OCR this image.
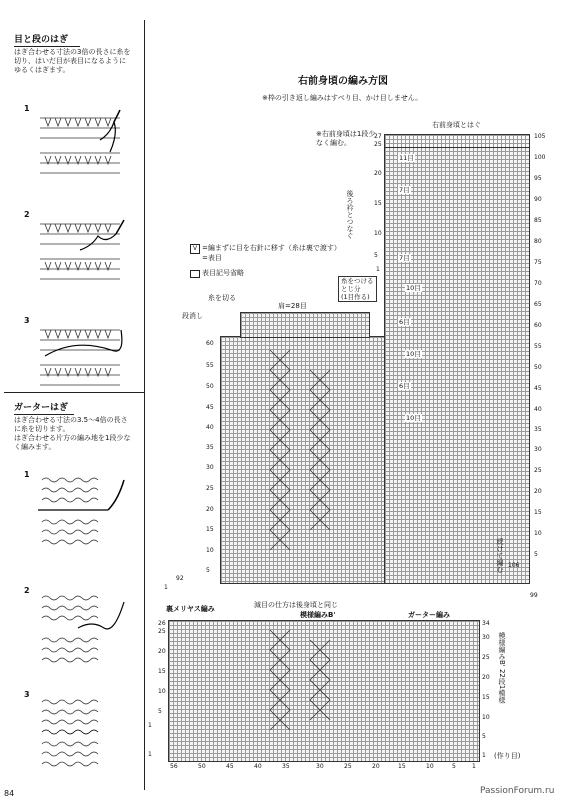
目と段のはぎ
はぎ合わせる寸法の3倍の長さに糸を切り、はいだ目が表目になるように ゆるくはぎます。
1
2
3
ガーターはぎ
はぎ合わせる寸法の3.5〜4倍の長さに糸を切ります。
はぎ合わせる片方の編み地を1段少なく編みます。
1
2
3
右前身頃の編み方図
※枠の引き返し編みはすべり目、かけ目しません。
※右前身頃は1段少なく編む。
V =編まずに目を右針に移す（糸は裏で渡す）
=表目
表目記号省略
糸を切る
肩=28目
段消し
右前身頃とはぐ
糸をつける
とじ分
(1目作る)
後ろ衿とつなぐ
続けて編む
11目
7目
7目
10目
6目
10目
6目
10目
60
55
50
45
40
35
30
25
20
15
10
5
27
25
20
15
10
5
1
105
100
95
90
85
80
75
70
65
60
55
50
45
40
35
30
25
20
15
10
5
92
1
106
99
裏メリヤス編み	減目の仕方は後身頃と同じ
模様編みB'	ガーター編み
26
25
20
15
10
5
1
1
34
30
25
20
15
10
5
1
模様編みB' 22段1模様
(作り目)
56	50	45	40	35	30	25	20	15	10	5	1
84	PassionForum.ru
